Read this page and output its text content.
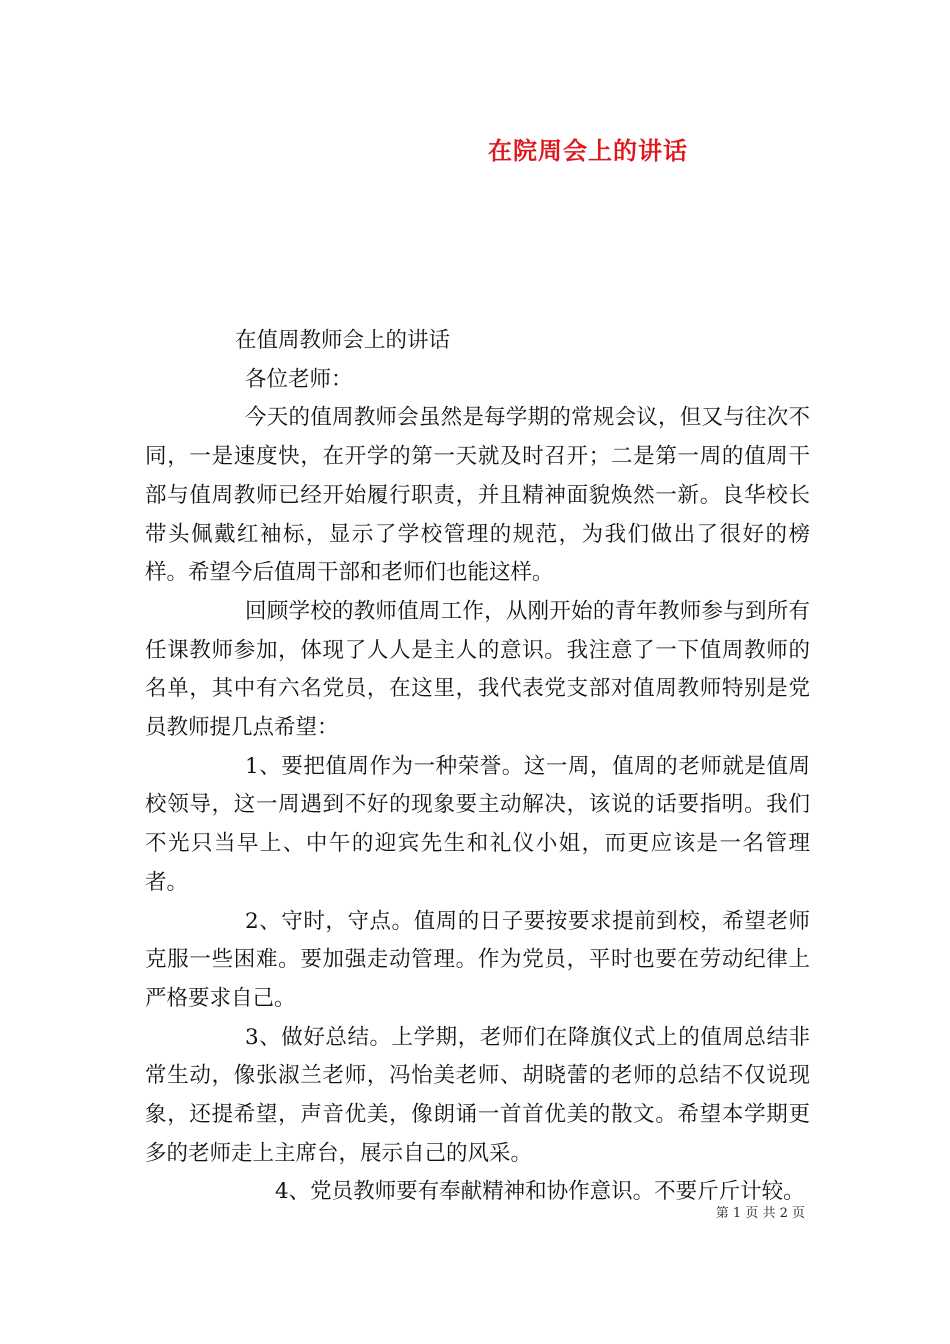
在院周会上的讲话

在值周教师会上的讲话

各位老师：

今天的值周教师会虽然是每学期的常规会议，但又与往次不同，一是速度快，在开学的第一天就及时召开；二是第一周的值周干部与值周教师已经开始履行职责，并且精神面貌焕然一新。良华校长带头佩戴红袖标，显示了学校管理的规范，为我们做出了很好的榜样。希望今后值周干部和老师们也能这样。

回顾学校的教师值周工作，从刚开始的青年教师参与到所有任课教师参加，体现了人人是主人的意识。我注意了一下值周教师的名单，其中有六名党员，在这里，我代表党支部对值周教师特别是党员教师提几点希望：

1、要把值周作为一种荣誉。这一周，值周的老师就是值周校领导，这一周遇到不好的现象要主动解决，该说的话要指明。我们不光只当早上、中午的迎宾先生和礼仪小姐，而更应该是一名管理者。

2、守时，守点。值周的日子要按要求提前到校，希望老师克服一些困难。要加强走动管理。作为党员，平时也要在劳动纪律上严格要求自己。

3、做好总结。上学期，老师们在降旗仪式上的值周总结非常生动，像张淑兰老师，冯怡美老师、胡晓蕾的老师的总结不仅说现象，还提希望，声音优美，像朗诵一首首优美的散文。希望本学期更多的老师走上主席台，展示自己的风采。

4、党员教师要有奉献精神和协作意识。不要斤斤计较。

第 1 页 共 2 页
